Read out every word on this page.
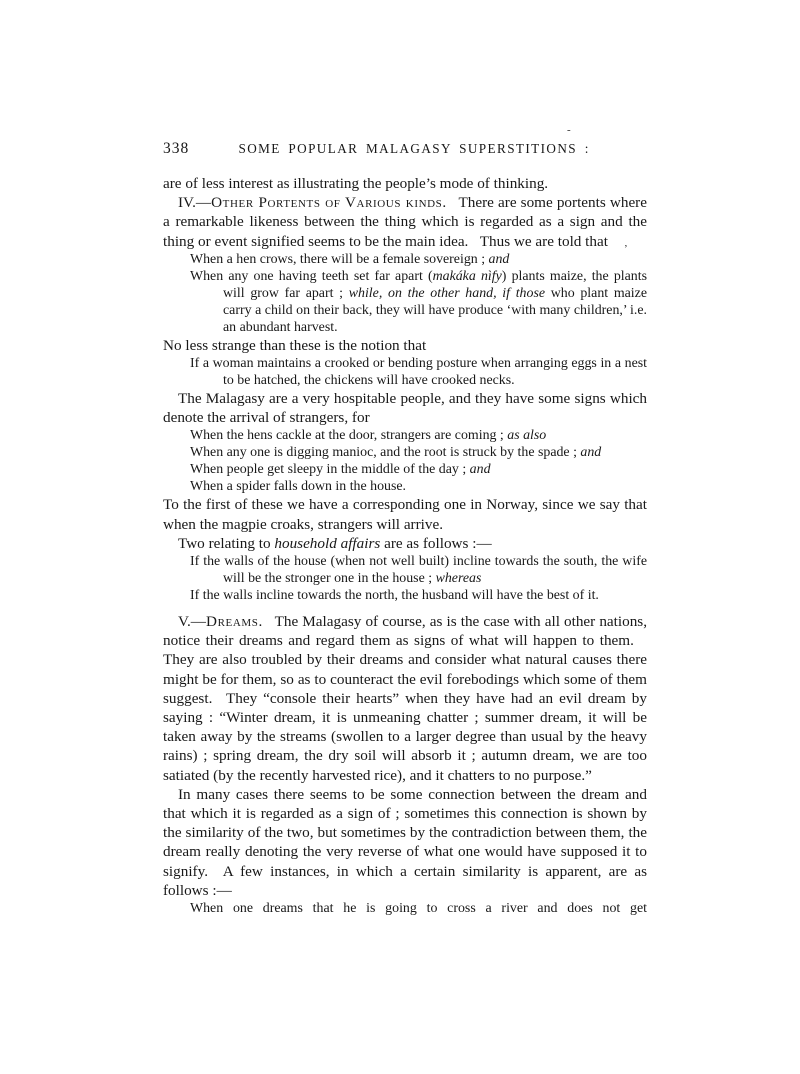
-
’
338	SOME POPULAR MALAGASY SUPERSTITIONS :

are of less interest as illustrating the people’s mode of thinking.

IV.—Other Portents of Various kinds.  There are some portents where a remarkable likeness between the thing which is regarded as a sign and the thing or event signified seems to be the main idea.  Thus we are told that

When a hen crows, there will be a female sovereign ; and

When any one having teeth set far apart (makáka nìfy) plants maize, the plants will grow far apart ; while, on the other hand, if those who plant maize carry a child on their back, they will have produce ‘with many children,’ i.e. an abundant harvest.

No less strange than these is the notion that

If a woman maintains a crooked or bending posture when arranging eggs in a nest to be hatched, the chickens will have crooked necks.

The Malagasy are a very hospitable people, and they have some signs which denote the arrival of strangers, for

When the hens cackle at the door, strangers are coming ; as also

When any one is digging manioc, and the root is struck by the spade ; and

When people get sleepy in the middle of the day ; and

When a spider falls down in the house.

To the first of these we have a corresponding one in Norway, since we say that when the magpie croaks, strangers will arrive.

Two relating to household affairs are as follows :—

If the walls of the house (when not well built) incline towards the south, the wife will be the stronger one in the house ; whereas

If the walls incline towards the north, the husband will have the best of it.

V.—Dreams.  The Malagasy of course, as is the case with all other nations, notice their dreams and regard them as signs of what will happen to them.  They are also troubled by their dreams and consider what natural causes there might be for them, so as to counteract the evil forebodings which some of them suggest.  They “console their hearts” when they have had an evil dream by saying : “Winter dream, it is unmeaning chatter ; summer dream, it will be taken away by the streams (swollen to a larger degree than usual by the heavy rains) ; spring dream, the dry soil will absorb it ; autumn dream, we are too satiated (by the recently harvested rice), and it chatters to no purpose.”

In many cases there seems to be some connection between the dream and that which it is regarded as a sign of ; sometimes this connection is shown by the similarity of the two, but sometimes by the contradiction between them, the dream really denoting the very reverse of what one would have supposed it to signify.  A few instances, in which a certain similarity is apparent, are as follows :—

When one dreams that he is going to cross a river and does not get
